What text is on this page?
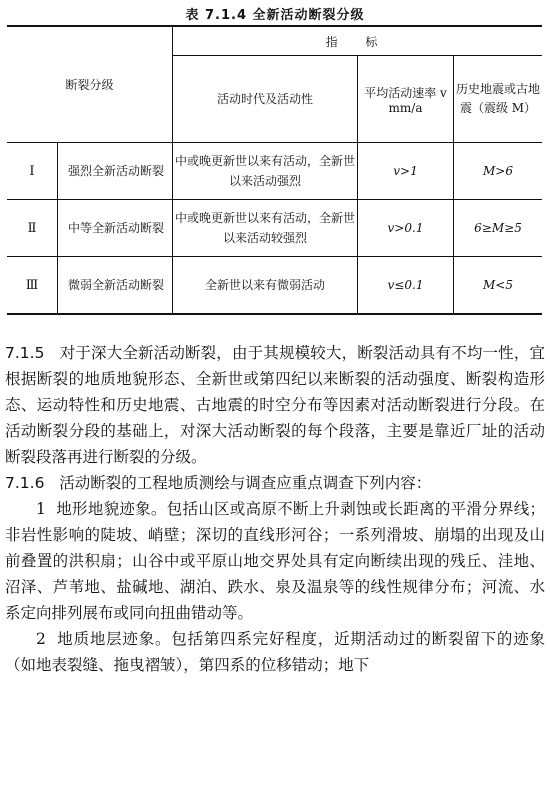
表 7.1.4 全新活动断裂分级
断裂分级		指 标		
		活动时代及活动性	平均活动速率 v mm/a	历史地震或古地震（震级 M）
Ⅰ	强烈全新活动断裂	中或晚更新世以来有活动，全新世以来活动强烈	v>1	M>6
Ⅱ	中等全新活动断裂	中或晚更新世以来有活动，全新世以来活动较强烈	v>0.1	6≥M≥5
Ⅲ	微弱全新活动断裂	全新世以来有微弱活动	v≤0.1	M<5

7.1.5 对于深大全新活动断裂，由于其规模较大，断裂活动具有不均一性，宜根据断裂的地质地貌形态、全新世或第四纪以来断裂的活动强度、断裂构造形态、运动特性和历史地震、古地震的时空分布等因素对活动断裂进行分段。在活动断裂分段的基础上，对深大活动断裂的每个段落，主要是靠近厂址的活动断裂段落再进行断裂的分级。

7.1.6 活动断裂的工程地质测绘与调查应重点调查下列内容：

1 地形地貌迹象。包括山区或高原不断上升剥蚀或长距离的平滑分界线；非岩性影响的陡坡、峭壁；深切的直线形河谷；一系列滑坡、崩塌的出现及山前叠置的洪积扇；山谷中或平原山地交界处具有定向断续出现的残丘、洼地、沼泽、芦苇地、盐碱地、湖泊、跌水、泉及温泉等的线性规律分布；河流、水系定向排列展布或同向扭曲错动等。

2 地质地层迹象。包括第四系完好程度，近期活动过的断裂留下的迹象（如地表裂缝、拖曳褶皱），第四系的位移错动；地下
